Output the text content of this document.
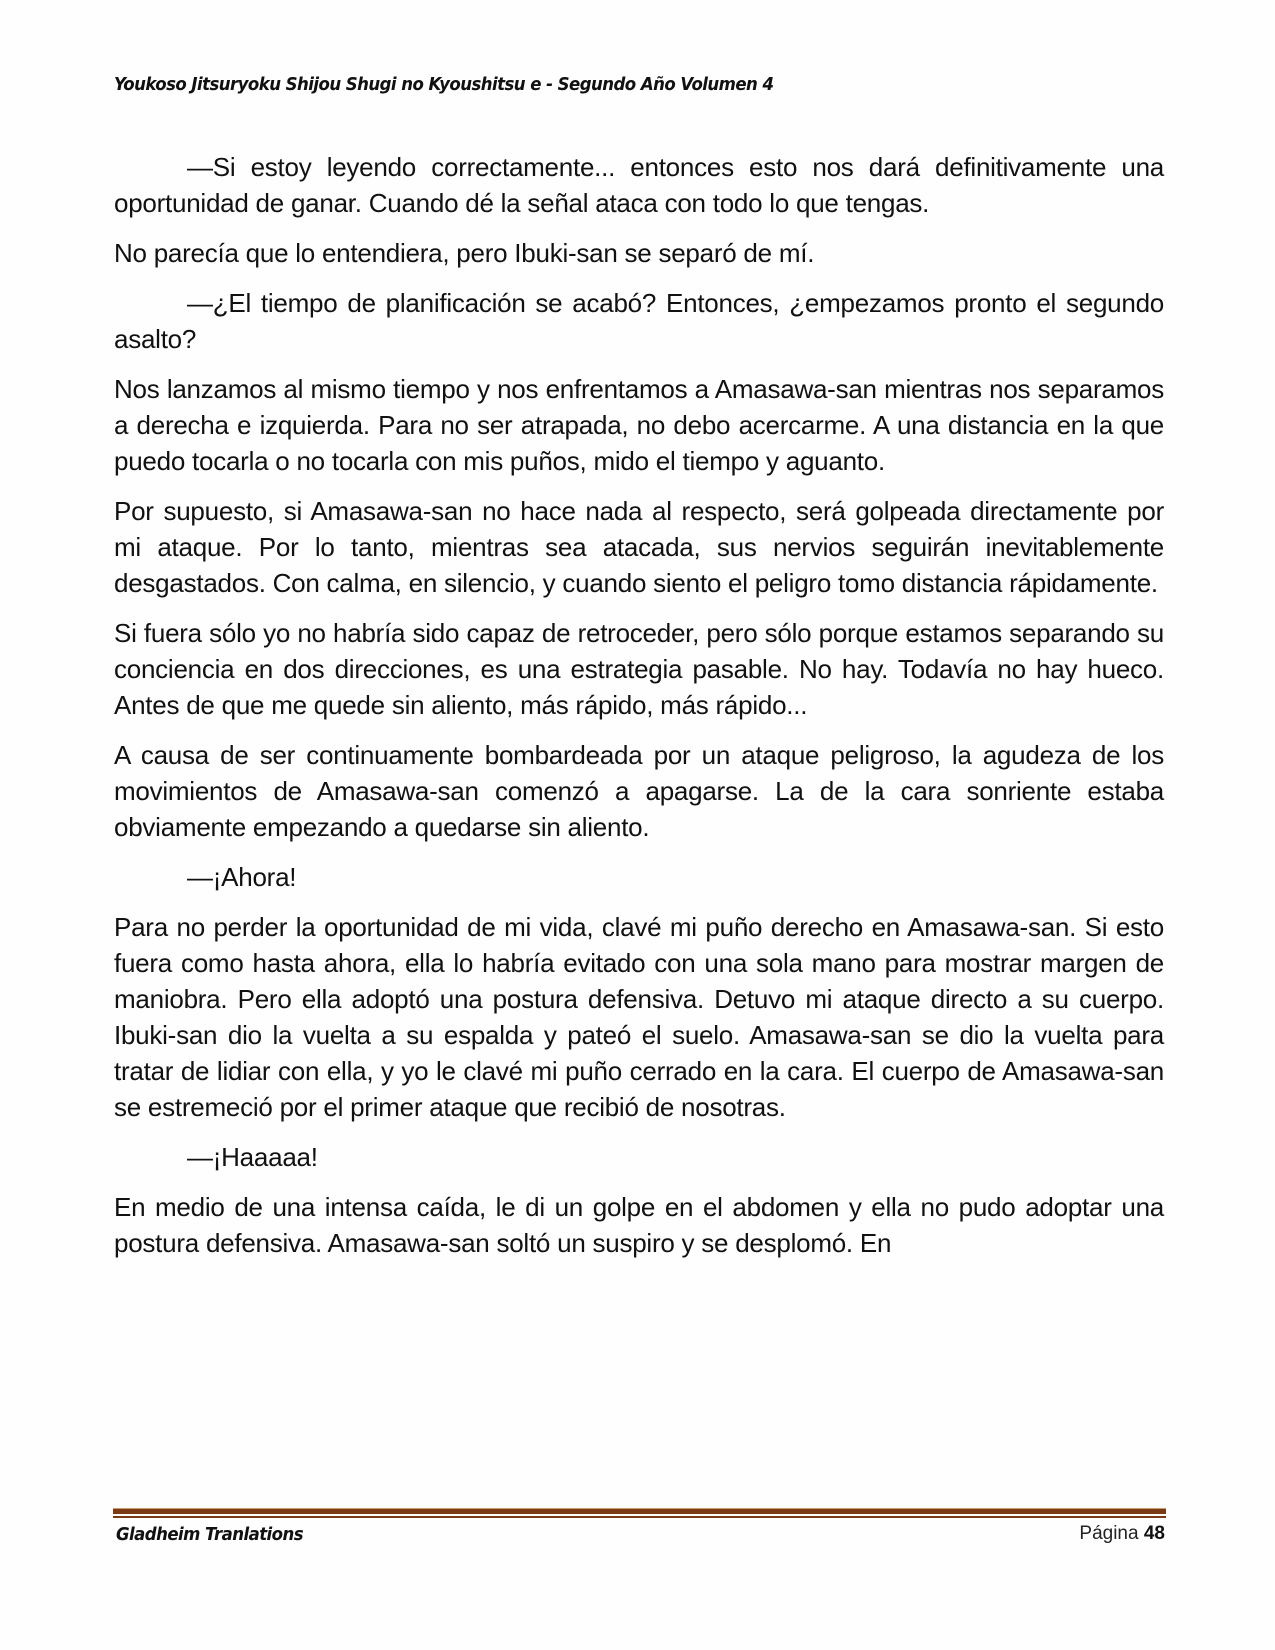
Youkoso Jitsuryoku Shijou Shugi no Kyoushitsu e - Segundo Año Volumen 4

—Si estoy leyendo correctamente... entonces esto nos dará definitivamente una oportunidad de ganar. Cuando dé la señal ataca con todo lo que tengas.

No parecía que lo entendiera, pero Ibuki-san se separó de mí.

—¿El tiempo de planificación se acabó? Entonces, ¿empezamos pronto el segundo asalto?

Nos lanzamos al mismo tiempo y nos enfrentamos a Amasawa-san mientras nos separamos a derecha e izquierda. Para no ser atrapada, no debo acercarme. A una distancia en la que puedo tocarla o no tocarla con mis puños, mido el tiempo y aguanto.

Por supuesto, si Amasawa-san no hace nada al respecto, será golpeada directamente por mi ataque. Por lo tanto, mientras sea atacada, sus nervios seguirán inevitablemente desgastados. Con calma, en silencio, y cuando siento el peligro tomo distancia rápidamente.

Si fuera sólo yo no habría sido capaz de retroceder, pero sólo porque estamos separando su conciencia en dos direcciones, es una estrategia pasable. No hay. Todavía no hay hueco. Antes de que me quede sin aliento, más rápido, más rápido...

A causa de ser continuamente bombardeada por un ataque peligroso, la agudeza de los movimientos de Amasawa-san comenzó a apagarse. La de la cara sonriente estaba obviamente empezando a quedarse sin aliento.

—¡Ahora!

Para no perder la oportunidad de mi vida, clavé mi puño derecho en Amasawa-san. Si esto fuera como hasta ahora, ella lo habría evitado con una sola mano para mostrar margen de maniobra. Pero ella adoptó una postura defensiva. Detuvo mi ataque directo a su cuerpo. Ibuki-san dio la vuelta a su espalda y pateó el suelo. Amasawa-san se dio la vuelta para tratar de lidiar con ella, y yo le clavé mi puño cerrado en la cara. El cuerpo de Amasawa-san se estremeció por el primer ataque que recibió de nosotras.

—¡Haaaaa!

En medio de una intensa caída, le di un golpe en el abdomen y ella no pudo adoptar una postura defensiva. Amasawa-san soltó un suspiro y se desplomó. En

Gladheim Tranlations	Página 48
